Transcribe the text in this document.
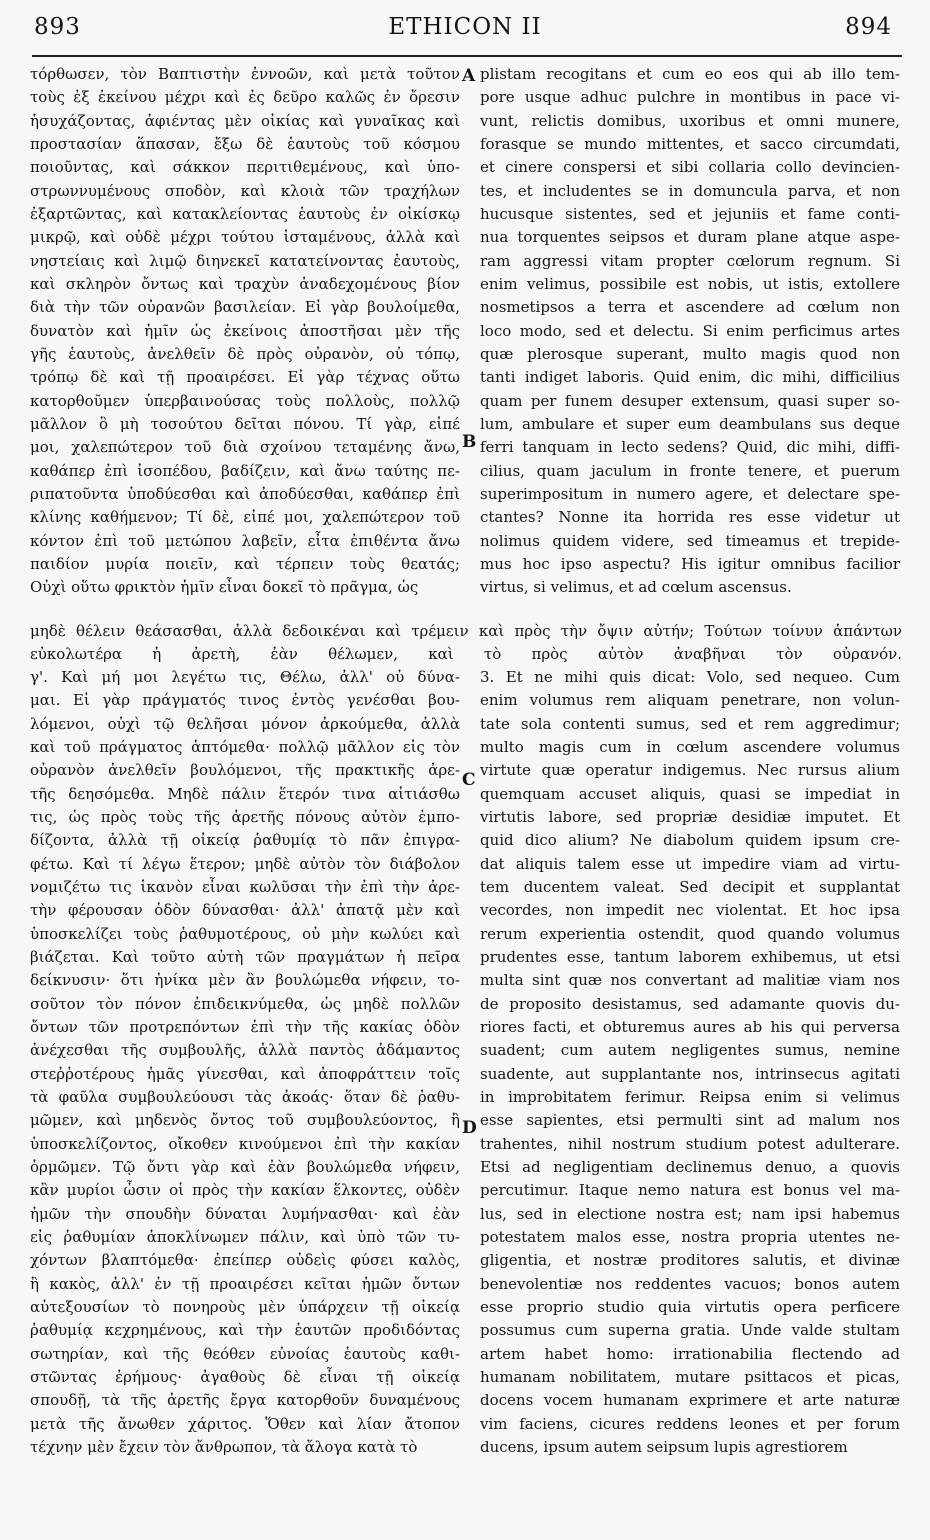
893	ETHICON II	894
τόρθωσεν, τὸν Βαπτιστὴν ἐννοῶν, καὶ μετὰ τοῦτον
τοὺς ἐξ ἐκείνου μέχρι καὶ ἐς δεῦρο καλῶς ἐν ὄρεσιν
ἡσυχάζοντας, ἀφιέντας μὲν οἰκίας καὶ γυναῖκας καὶ
προστασίαν ἅπασαν, ἔξω δὲ ἑαυτοὺς τοῦ κόσμου
ποιοῦντας, καὶ σάκκον περιτιθεμένους, καὶ ὑπο-
στρωννυμένους σποδὸν, καὶ κλοιὰ τῶν τραχήλων
ἐξαρτῶντας, καὶ κατακλείοντας ἑαυτοὺς ἐν οἰκίσκῳ
μικρῷ, καὶ οὐδὲ μέχρι τούτου ἱσταμένους, ἀλλὰ καὶ
νηστείαις καὶ λιμῷ διηνεκεῖ κατατείνοντας ἑαυτοὺς,
καὶ σκληρὸν ὄντως καὶ τραχὺν ἀναδεχομένους βίον
διὰ τὴν τῶν οὐρανῶν βασιλείαν. Εἰ γὰρ βουλοίμεθα,
δυνατὸν καὶ ἡμῖν ὡς ἐκείνοις ἀποστῆσαι μὲν τῆς
γῆς ἑαυτοὺς, ἀνελθεῖν δὲ πρὸς οὐρανὸν, οὐ τόπῳ,
τρόπῳ δὲ καὶ τῇ προαιρέσει. Εἰ γὰρ τέχνας οὕτω
κατορθοῦμεν ὑπερβαινούσας τοὺς πολλοὺς, πολλῷ
μᾶλλον ὃ μὴ τοσούτου δεῖται πόνου. Τί γὰρ, εἰπέ
μοι, χαλεπώτερον τοῦ διὰ σχοίνου τεταμένης ἄνω,
καθάπερ ἐπὶ ἰσοπέδου, βαδίζειν, καὶ ἄνω ταύτης πε-
ριπατοῦντα ὑποδύεσθαι καὶ ἀποδύεσθαι, καθάπερ ἐπὶ
κλίνης καθήμενον; Τί δὲ, εἰπέ μοι, χαλεπώτερον τοῦ
κόντον ἐπὶ τοῦ μετώπου λαβεῖν, εἶτα ἐπιθέντα ἄνω
παιδίον μυρία ποιεῖν, καὶ τέρπειν τοὺς θεατάς;
Οὐχὶ οὕτω φρικτὸν ἡμῖν εἶναι δοκεῖ τὸ πρᾶγμα, ὡς
plistam recogitans et cum eo eos qui ab illo tem-
pore usque adhuc pulchre in montibus in pace vi-
vunt, relictis domibus, uxoribus et omni munere,
forasque se mundo mittentes, et sacco circumdati,
et cinere conspersi et sibi collaria collo devincien-
tes, et includentes se in domuncula parva, et non
hucusque sistentes, sed et jejuniis et fame conti-
nua torquentes seipsos et duram plane atque aspe-
ram aggressi vitam propter cœlorum regnum. Si
enim velimus, possibile est nobis, ut istis, extollere
nosmetipsos a terra et ascendere ad cœlum non
loco modo, sed et delectu. Si enim perficimus artes
quæ plerosque superant, multo magis quod non
tanti indiget laboris. Quid enim, dic mihi, difficilius
quam per funem desuper extensum, quasi super so-
lum, ambulare et super eum deambulans sus deque
ferri tanquam in lecto sedens? Quid, dic mihi, diffi-
cilius, quam jaculum in fronte tenere, et puerum
superimpositum in numero agere, et delectare spe-
ctantes? Nonne ita horrida res esse videtur ut
nolimus quidem videre, sed timeamus et trepide-
mus hoc ipso aspectu? His igitur omnibus facilior
virtus, si velimus, et ad cœlum ascensus.
μηδὲ θέλειν θεάσασθαι, ἀλλὰ δεδοικέναι καὶ τρέμειν καὶ πρὸς τὴν ὄψιν αὐτήν; Τούτων τοίνυν ἁπάντων
εὐκολωτέρα ἡ ἀρετὴ, ἐὰν θέλωμεν, καὶ τὸ πρὸς αὐτὸν ἀναβῆναι τὸν οὐρανόν.
γ'. Καὶ μή μοι λεγέτω τις, Θέλω, ἀλλ' οὐ δύνα-
μαι. Εἰ γὰρ πράγματός τινος ἐντὸς γενέσθαι βου-
λόμενοι, οὐχὶ τῷ θελῆσαι μόνον ἀρκούμεθα, ἀλλὰ
καὶ τοῦ πράγματος ἁπτόμεθα· πολλῷ μᾶλλον εἰς τὸν
οὐρανὸν ἀνελθεῖν βουλόμενοι, τῆς πρακτικῆς ἀρε-
τῆς δεησόμεθα. Μηδὲ πάλιν ἕτερόν τινα αἰτιάσθω
τις, ὡς πρὸς τοὺς τῆς ἀρετῆς πόνους αὐτὸν ἐμπο-
δίζοντα, ἀλλὰ τῇ οἰκείᾳ ῥαθυμίᾳ τὸ πᾶν ἐπιγρα-
φέτω. Καὶ τί λέγω ἕτερον; μηδὲ αὐτὸν τὸν διάβολον
νομιζέτω τις ἱκανὸν εἶναι κωλῦσαι τὴν ἐπὶ τὴν ἀρε-
τὴν φέρουσαν ὁδὸν δύνασθαι· ἀλλ' ἀπατᾷ μὲν καὶ
ὑποσκελίζει τοὺς ῥαθυμοτέρους, οὐ μὴν κωλύει καὶ
βιάζεται. Καὶ τοῦτο αὐτὴ τῶν πραγμάτων ἡ πεῖρα
δείκνυσιν· ὅτι ἡνίκα μὲν ἂν βουλώμεθα νήφειν, το-
σοῦτον τὸν πόνον ἐπιδεικνύμεθα, ὡς μηδὲ πολλῶν
ὄντων τῶν προτρεπόντων ἐπὶ τὴν τῆς κακίας ὁδὸν
ἀνέχεσθαι τῆς συμβουλῆς, ἀλλὰ παντὸς ἀδάμαντος
στεῤῥοτέρους ἡμᾶς γίνεσθαι, καὶ ἀποφράττειν τοῖς
τὰ φαῦλα συμβουλεύουσι τὰς ἀκοάς· ὅταν δὲ ῥαθυ-
μῶμεν, καὶ μηδενὸς ὄντος τοῦ συμβουλεύοντος, ἢ
ὑποσκελίζοντος, οἴκοθεν κινούμενοι ἐπὶ τὴν κακίαν
ὁρμῶμεν. Τῷ ὄντι γὰρ καὶ ἐὰν βουλώμεθα νήφειν,
κἂν μυρίοι ὦσιν οἱ πρὸς τὴν κακίαν ἕλκοντες, οὐδὲν
ἡμῶν τὴν σπουδὴν δύναται λυμήνασθαι· καὶ ἐὰν
εἰς ῥαθυμίαν ἀποκλίνωμεν πάλιν, καὶ ὑπὸ τῶν τυ-
χόντων βλαπτόμεθα· ἐπείπερ οὐδεὶς φύσει καλὸς,
ἢ κακὸς, ἀλλ' ἐν τῇ προαιρέσει κεῖται ἡμῶν ὄντων
αὐτεξουσίων τὸ πονηροὺς μὲν ὑπάρχειν τῇ οἰκείᾳ
ῥαθυμίᾳ κεχρημένους, καὶ τὴν ἑαυτῶν προδιδόντας
σωτηρίαν, καὶ τῆς θεόθεν εὐνοίας ἑαυτοὺς καθι-
στῶντας ἐρήμους· ἀγαθοὺς δὲ εἶναι τῇ οἰκείᾳ
σπουδῇ, τὰ τῆς ἀρετῆς ἔργα κατορθοῦν δυναμένους
μετὰ τῆς ἄνωθεν χάριτος. Ὅθεν καὶ λίαν ἄτοπον
τέχνην μὲν ἔχειν τὸν ἄνθρωπον, τὰ ἄλογα κατὰ τὸ
3. Et ne mihi quis dicat: Volo, sed nequeo. Cum
enim volumus rem aliquam penetrare, non volun-
tate sola contenti sumus, sed et rem aggredimur;
multo magis cum in cœlum ascendere volumus
virtute quæ operatur indigemus. Nec rursus alium
quemquam accuset aliquis, quasi se impediat in
virtutis labore, sed propriæ desidiæ imputet. Et
quid dico alium? Ne diabolum quidem ipsum cre-
dat aliquis talem esse ut impedire viam ad virtu-
tem ducentem valeat. Sed decipit et supplantat
vecordes, non impedit nec violentat. Et hoc ipsa
rerum experientia ostendit, quod quando volumus
prudentes esse, tantum laborem exhibemus, ut etsi
multa sint quæ nos convertant ad malitiæ viam nos
de proposito desistamus, sed adamante quovis du-
riores facti, et obturemus aures ab his qui perversa
suadent; cum autem negligentes sumus, nemine
suadente, aut supplantante nos, intrinsecus agitati
in improbitatem ferimur. Reipsa enim si velimus
esse sapientes, etsi permulti sint ad malum nos
trahentes, nihil nostrum studium potest adulterare.
Etsi ad negligentiam declinemus denuo, a quovis
percutimur. Itaque nemo natura est bonus vel ma-
lus, sed in electione nostra est; nam ipsi habemus
potestatem malos esse, nostra propria utentes ne-
gligentia, et nostræ proditores salutis, et divinæ
benevolentiæ nos reddentes vacuos; bonos autem
esse proprio studio quia virtutis opera perficere
possumus cum superna gratia. Unde valde stultam
artem habet homo: irrationabilia flectendo ad
humanam nobilitatem, mutare psittacos et picas,
docens vocem humanam exprimere et arte naturæ
vim faciens, cicures reddens leones et per forum
ducens, ipsum autem seipsum lupis agrestiorem
A
B
C
D
